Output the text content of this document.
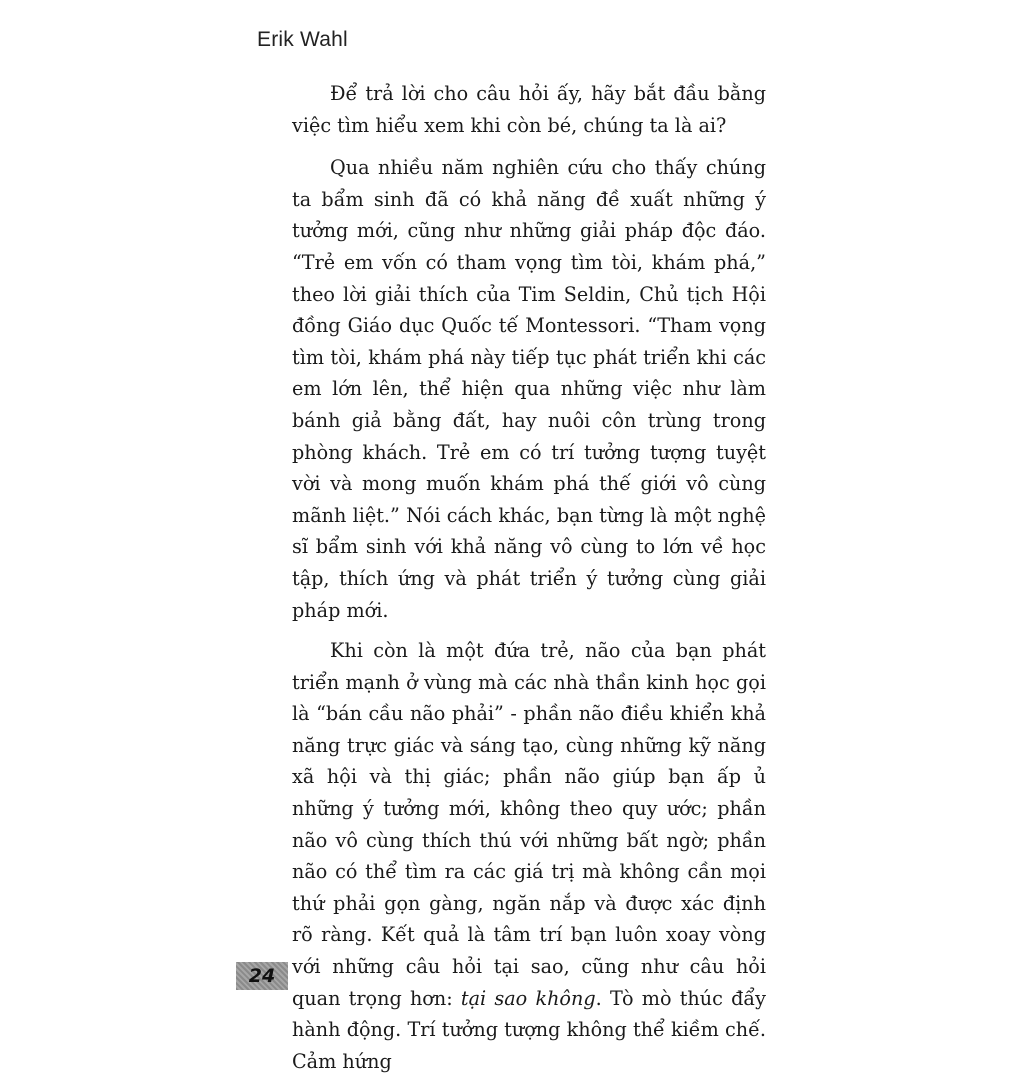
Erik Wahl

Để trả lời cho câu hỏi ấy, hãy bắt đầu bằng việc tìm hiểu xem khi còn bé, chúng ta là ai?

Qua nhiều năm nghiên cứu cho thấy chúng ta bẩm sinh đã có khả năng đề xuất những ý tưởng mới, cũng như những giải pháp độc đáo. “Trẻ em vốn có tham vọng tìm tòi, khám phá,” theo lời giải thích của Tim Seldin, Chủ tịch Hội đồng Giáo dục Quốc tế Montessori. “Tham vọng tìm tòi, khám phá này tiếp tục phát triển khi các em lớn lên, thể hiện qua những việc như làm bánh giả bằng đất, hay nuôi côn trùng trong phòng khách. Trẻ em có trí tưởng tượng tuyệt vời và mong muốn khám phá thế giới vô cùng mãnh liệt.” Nói cách khác, bạn từng là một nghệ sĩ bẩm sinh với khả năng vô cùng to lớn về học tập, thích ứng và phát triển ý tưởng cùng giải pháp mới.

Khi còn là một đứa trẻ, não của bạn phát triển mạnh ở vùng mà các nhà thần kinh học gọi là “bán cầu não phải” - phần não điều khiển khả năng trực giác và sáng tạo, cùng những kỹ năng xã hội và thị giác; phần não giúp bạn ấp ủ những ý tưởng mới, không theo quy ước; phần não vô cùng thích thú với những bất ngờ; phần não có thể tìm ra các giá trị mà không cần mọi thứ phải gọn gàng, ngăn nắp và được xác định rõ ràng. Kết quả là tâm trí bạn luôn xoay vòng với những câu hỏi tại sao, cũng như câu hỏi quan trọng hơn: tại sao không. Tò mò thúc đẩy hành động. Trí tưởng tượng không thể kiềm chế. Cảm hứng

24
